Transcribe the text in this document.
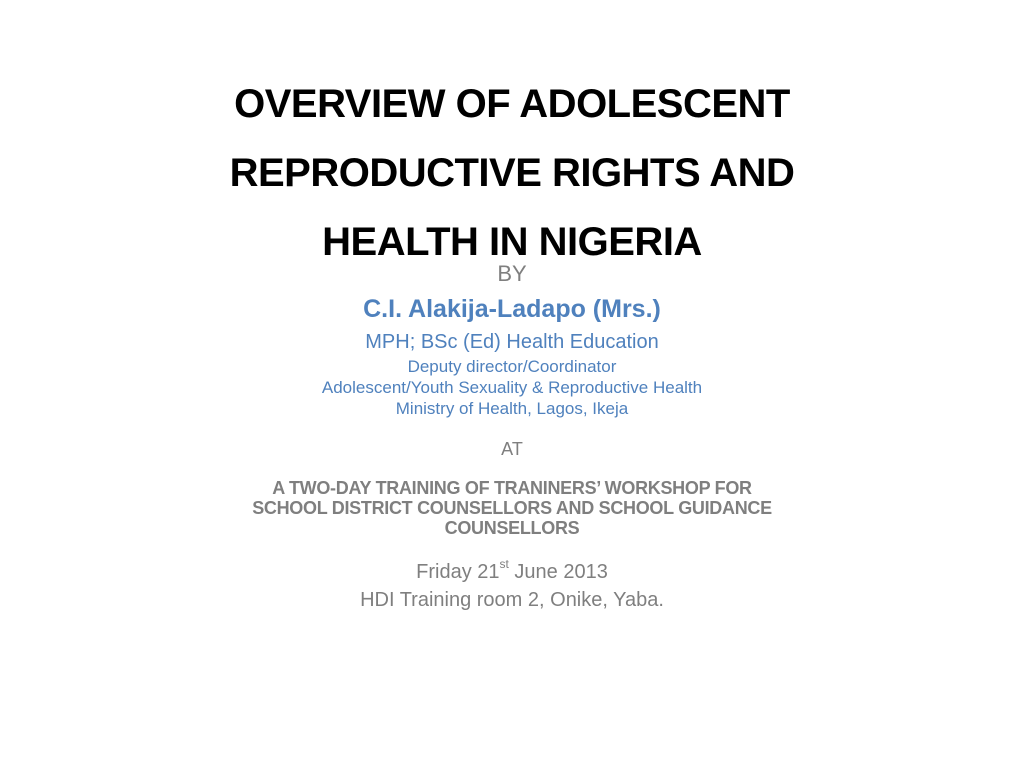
OVERVIEW OF ADOLESCENT
REPRODUCTIVE RIGHTS AND
HEALTH IN NIGERIA
BY
C.I. Alakija-Ladapo (Mrs.)
MPH; BSc (Ed) Health Education
Deputy director/Coordinator
Adolescent/Youth Sexuality & Reproductive Health
Ministry of Health, Lagos, Ikeja
AT
A TWO-DAY TRAINING OF TRANINERS’ WORKSHOP FOR
SCHOOL DISTRICT COUNSELLORS AND SCHOOL GUIDANCE
COUNSELLORS
Friday 21st June 2013
HDI Training room 2, Onike, Yaba.
